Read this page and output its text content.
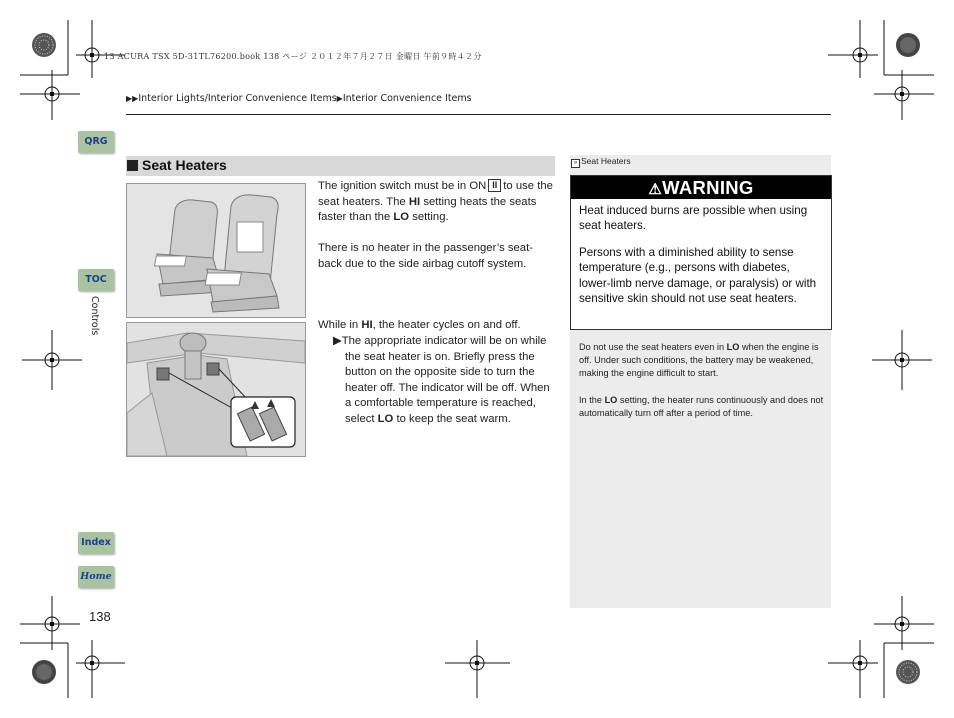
13 ACURA TSX 5D-31TL76200.book 138 ページ ２０１２年７月２７日 金曜日 午前９時４２分
▶▶Interior Lights/Interior Convenience Items▶Interior Convenience Items
QRG
TOC
Controls
Index
Home
Seat Heaters
The ignition switch must be in ON II to use the seat heaters. The HI setting heats the seats faster than the LO setting.
There is no heater in the passenger’s seat-back due to the side airbag cutoff system.
While in HI, the heater cycles on and off.
▶The appropriate indicator will be on while the seat heater is on. Briefly press the button on the opposite side to turn the heater off. The indicator will be off. When a comfortable temperature is reached, select LO to keep the seat warm.
» Seat Heaters
⚠WARNING

Heat induced burns are possible when using seat heaters.

Persons with a diminished ability to sense temperature (e.g., persons with diabetes, lower-limb nerve damage, or paralysis) or with sensitive skin should not use seat heaters.

Do not use the seat heaters even in LO when the engine is off. Under such conditions, the battery may be weakened, making the engine difficult to start.
In the LO setting, the heater runs continuously and does not automatically turn off after a period of time.
138
